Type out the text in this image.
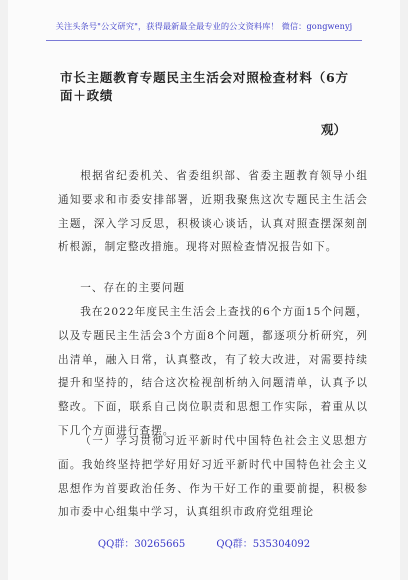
关注头条号"公文研究"，获得最新最全最专业的公文资料库！ 微信：gongwenyj
市长主题教育专题民主生活会对照检查材料（6方面＋政绩
观）
根据省纪委机关、省委组织部、省委主题教育领导小组通知要求和市委安排部署，近期我聚焦这次专题民主生活会主题，深入学习反思，积极谈心谈话，认真对照查摆深刻剖析根源，制定整改措施。现将对照检查情况报告如下。
一、存在的主要问题
我在2022年度民主生活会上查找的6个方面15个问题，以及专题民主生活会3个方面8个问题，都逐项分析研究，列出清单，融入日常，认真整改，有了较大改进，对需要持续提升和坚持的，结合这次检视剖析纳入问题清单，认真予以整改。下面，联系自己岗位职责和思想工作实际，着重从以下几个方面进行查摆。
（一）学习贯彻习近平新时代中国特色社会主义思想方面。我始终坚持把学好用好习近平新时代中国特色社会主义思想作为首要政治任务、作为干好工作的重要前提，积极参加市委中心组集中学习，认真组织市政府党组理论
QQ群：30265665	QQ群：535304092
